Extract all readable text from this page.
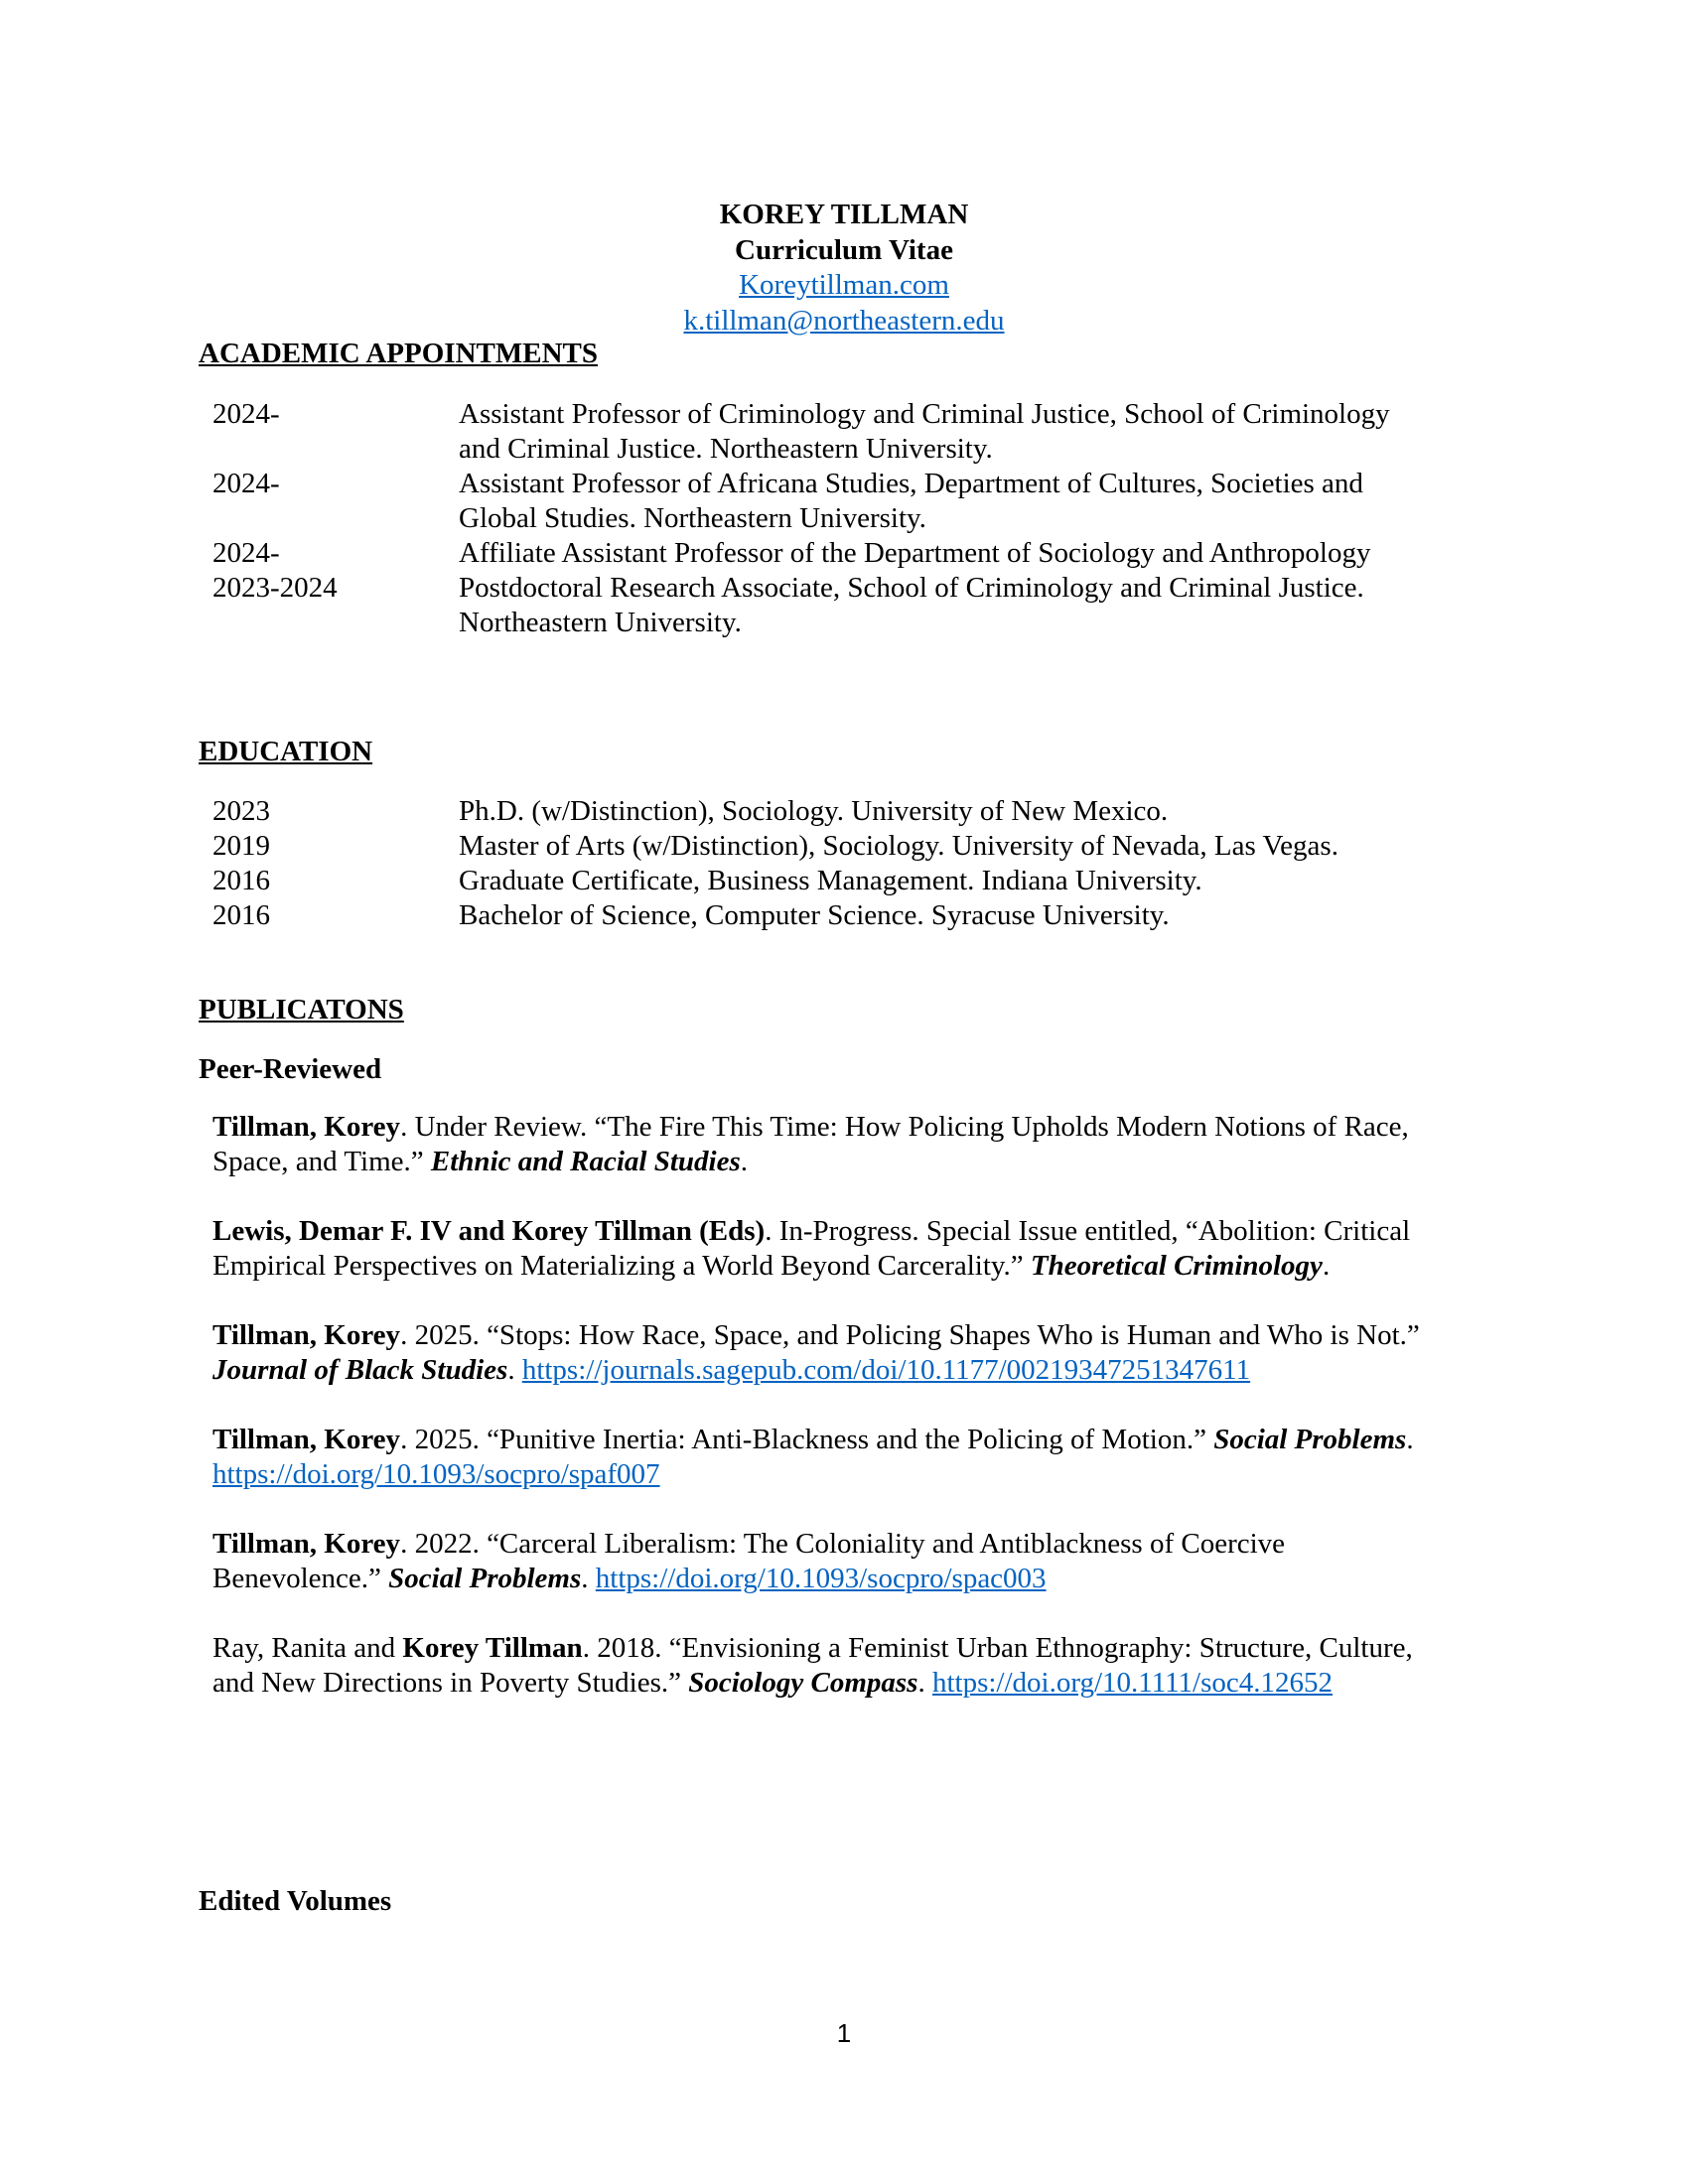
KOREY TILLMAN
Curriculum Vitae
Koreytillman.com
k.tillman@northeastern.edu
ACADEMIC APPOINTMENTS
2024-	Assistant Professor of Criminology and Criminal Justice, School of Criminology and Criminal Justice. Northeastern University.
2024-	Assistant Professor of Africana Studies, Department of Cultures, Societies and Global Studies. Northeastern University.
2024-	Affiliate Assistant Professor of the Department of Sociology and Anthropology
2023-2024	Postdoctoral Research Associate, School of Criminology and Criminal Justice. Northeastern University.
EDUCATION
2023	Ph.D. (w/Distinction), Sociology. University of New Mexico.
2019	Master of Arts (w/Distinction), Sociology. University of Nevada, Las Vegas.
2016	Graduate Certificate, Business Management. Indiana University.
2016	Bachelor of Science, Computer Science. Syracuse University.
PUBLICATONS
Peer-Reviewed

Tillman, Korey. Under Review. “The Fire This Time: How Policing Upholds Modern Notions of Race, Space, and Time.” Ethnic and Racial Studies.

Lewis, Demar F. IV and Korey Tillman (Eds). In-Progress. Special Issue entitled, “Abolition: Critical Empirical Perspectives on Materializing a World Beyond Carcerality.” Theoretical Criminology.

Tillman, Korey. 2025. “Stops: How Race, Space, and Policing Shapes Who is Human and Who is Not.” Journal of Black Studies. https://journals.sagepub.com/doi/10.1177/00219347251347611

Tillman, Korey. 2025. “Punitive Inertia: Anti-Blackness and the Policing of Motion.” Social Problems. https://doi.org/10.1093/socpro/spaf007

Tillman, Korey. 2022. “Carceral Liberalism: The Coloniality and Antiblackness of Coercive Benevolence.” Social Problems. https://doi.org/10.1093/socpro/spac003

Ray, Ranita and Korey Tillman. 2018. “Envisioning a Feminist Urban Ethnography: Structure, Culture, and New Directions in Poverty Studies.” Sociology Compass. https://doi.org/10.1111/soc4.12652

Edited Volumes
1
